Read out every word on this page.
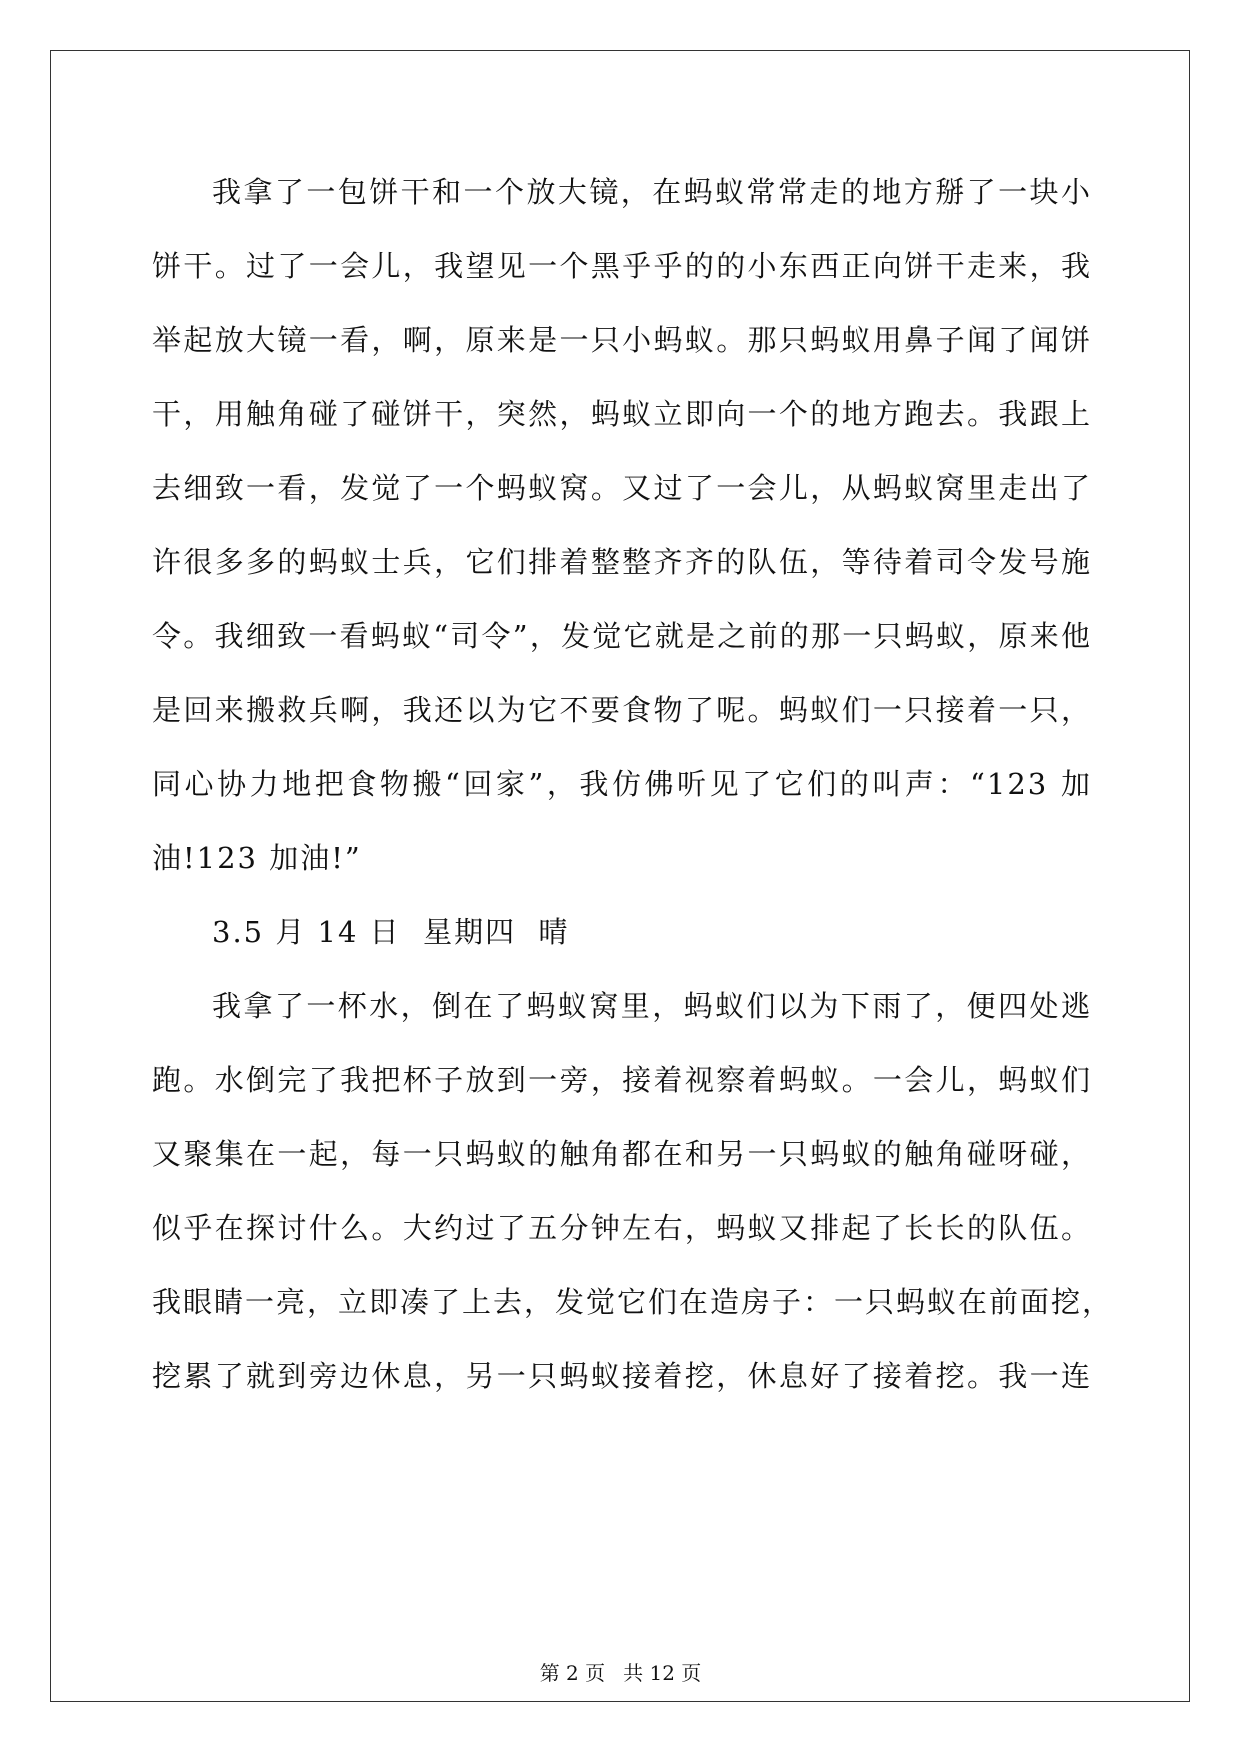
我拿了一包饼干和一个放大镜，在蚂蚁常常走的地方掰了一块小
饼干。过了一会儿，我望见一个黑乎乎的的小东西正向饼干走来，我
举起放大镜一看，啊，原来是一只小蚂蚁。那只蚂蚁用鼻子闻了闻饼
干，用触角碰了碰饼干，突然，蚂蚁立即向一个的地方跑去。我跟上
去细致一看，发觉了一个蚂蚁窝。又过了一会儿，从蚂蚁窝里走出了
许很多多的蚂蚁士兵，它们排着整整齐齐的队伍，等待着司令发号施
令。我细致一看蚂蚁“司令”，发觉它就是之前的那一只蚂蚁，原来他
是回来搬救兵啊，我还以为它不要食物了呢。蚂蚁们一只接着一只，
同心协力地把食物搬“回家”，我仿佛听见了它们的叫声：“123 加
油!123 加油!”
3.5 月 14 日  星期四  晴
我拿了一杯水，倒在了蚂蚁窝里，蚂蚁们以为下雨了，便四处逃
跑。水倒完了我把杯子放到一旁，接着视察着蚂蚁。一会儿，蚂蚁们
又聚集在一起，每一只蚂蚁的触角都在和另一只蚂蚁的触角碰呀碰，
似乎在探讨什么。大约过了五分钟左右，蚂蚁又排起了长长的队伍。
我眼睛一亮，立即凑了上去，发觉它们在造房子：一只蚂蚁在前面挖，
挖累了就到旁边休息，另一只蚂蚁接着挖，休息好了接着挖。我一连
第 2 页 共 12 页
